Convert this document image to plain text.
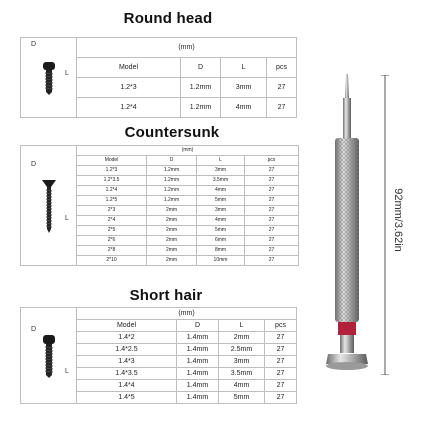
Round head
Countersunk
Short hair
D
L	(mm)			
	Model	D	L	pcs
	1.2*3	1.2mm	3mm	27
	1.2*4	1.2mm	4mm	27
D
L	(mm)			
	Model	D	L	pcs
	1.2*3	1.2mm	3mm	27
	1.2*3.5	1.2mm	3.5mm	27
	1.2*4	1.2mm	4mm	27
	1.2*5	1.2mm	5mm	27
	2*3	2mm	3mm	27
	2*4	2mm	4mm	27
	2*5	2mm	5mm	27
	2*6	2mm	6mm	27
	2*8	2mm	8mm	27
	2*10	2mm	10mm	27
D
L	(mm)			
	Model	D	L	pcs
	1.4*2	1.4mm	2mm	27
	1.4*2.5	1.4mm	2.5mm	27
	1.4*3	1.4mm	3mm	27
	1.4*3.5	1.4mm	3.5mm	27
	1.4*4	1.4mm	4mm	27
	1.4*5	1.4mm	5mm	27
92mm/3.62in
